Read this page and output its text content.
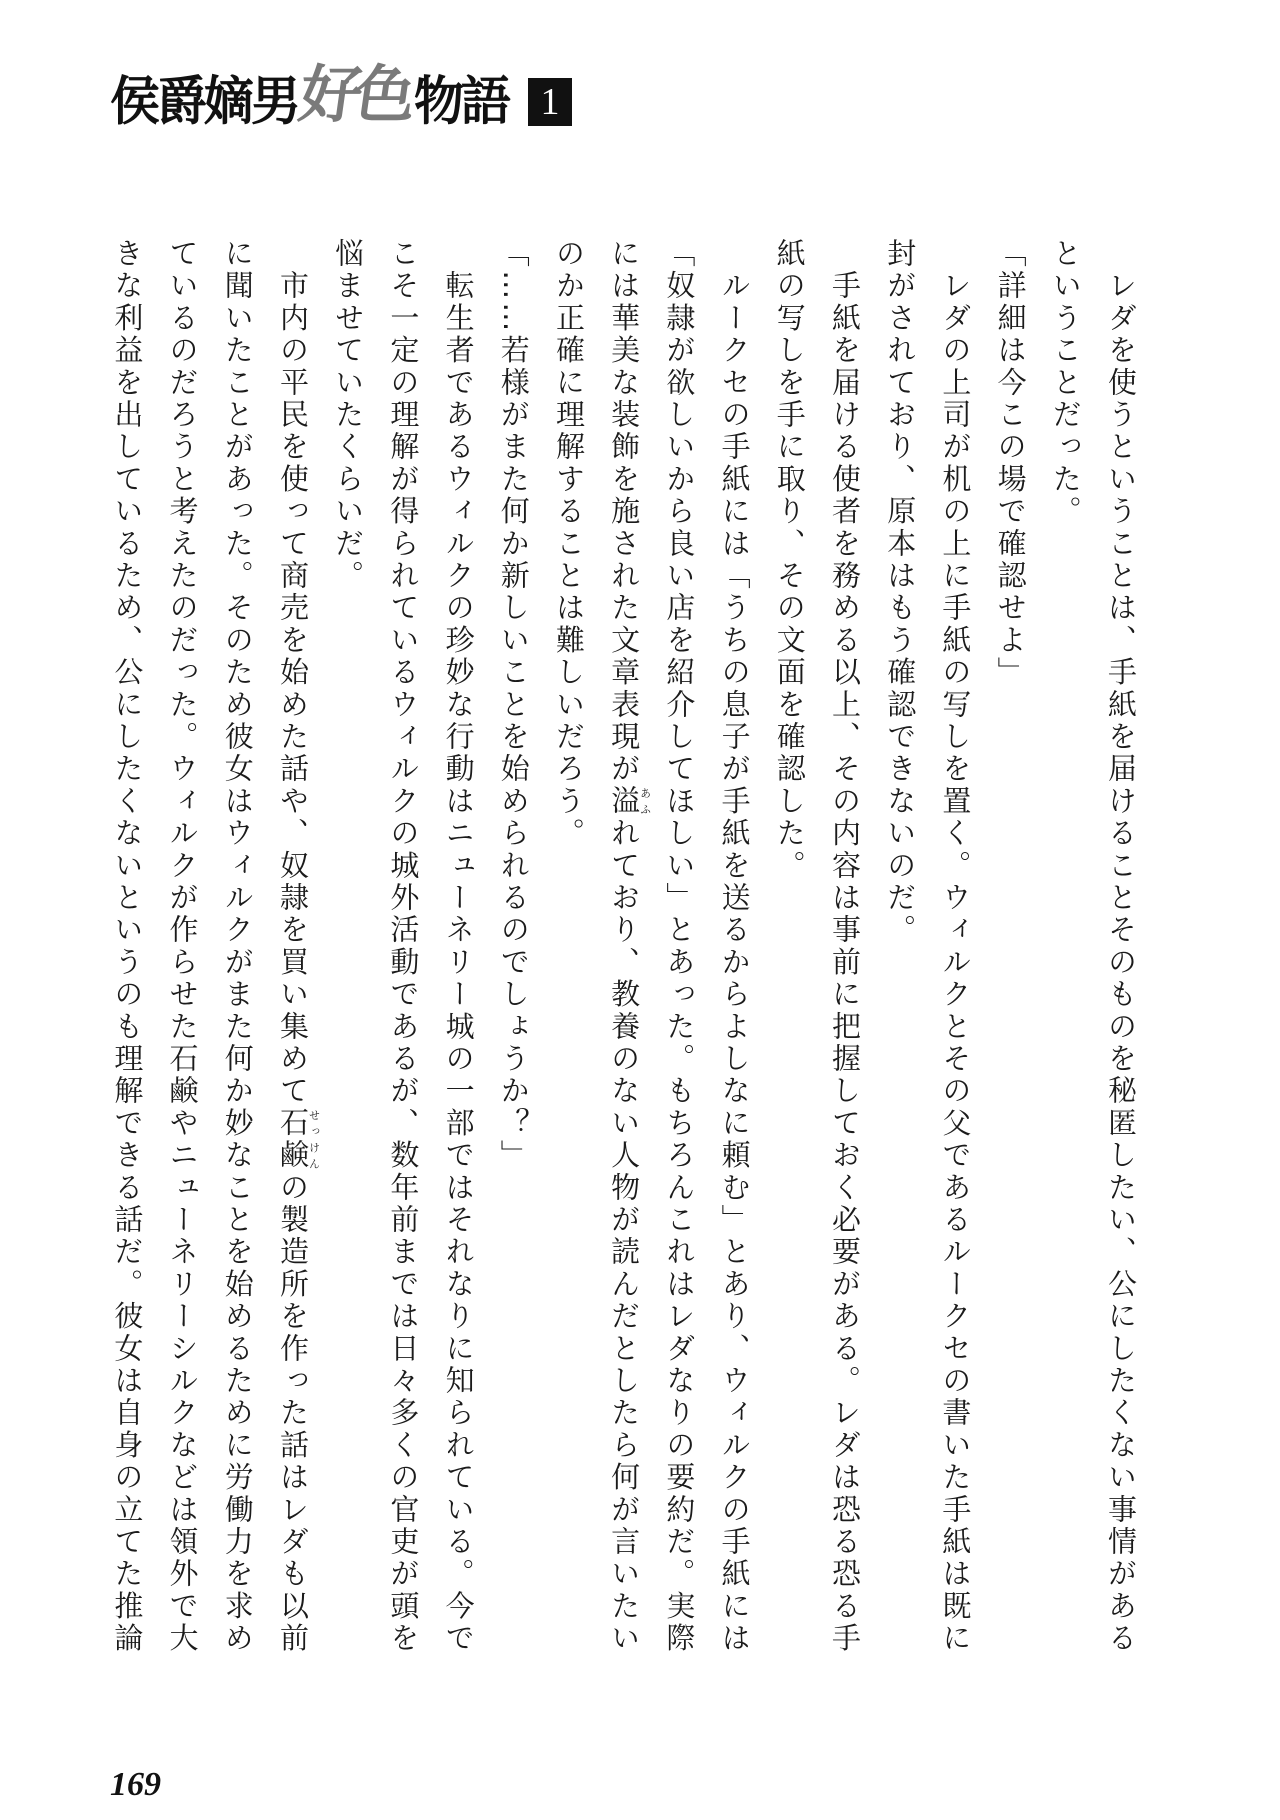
侯爵嫡男
好色 物語 1
　レダを使うということは、手紙を届けることそのものを秘匿したい、公にしたくない事情がある
ということだった。
「詳細は今この場で確認せよ」
　レダの上司が机の上に手紙の写しを置く。ウィルクとその父であるルークセの書いた手紙は既に
封がされており、原本はもう確認できないのだ。
　手紙を届ける使者を務める以上、その内容は事前に把握しておく必要がある。レダは恐る恐る手
紙の写しを手に取り、その文面を確認した。
　ルークセの手紙には「うちの息子が手紙を送るからよしなに頼む」とあり、ウィルクの手紙には
「奴隷が欲しいから良い店を紹介してほしい」とあった。もちろんこれはレダなりの要約だ。実際
には華美な装飾を施された文章表現が溢あふれており、教養のない人物が読んだとしたら何が言いたい
のか正確に理解することは難しいだろう。
「……若様がまた何か新しいことを始められるのでしょうか？」
　転生者であるウィルクの珍妙な行動はニューネリー城の一部ではそれなりに知られている。今で
こそ一定の理解が得られているウィルクの城外活動であるが、数年前までは日々多くの官吏が頭を
悩ませていたくらいだ。
　市内の平民を使って商売を始めた話や、奴隷を買い集めて石鹸せっけんの製造所を作った話はレダも以前
に聞いたことがあった。そのため彼女はウィルクがまた何か妙なことを始めるために労働力を求め
ているのだろうと考えたのだった。ウィルクが作らせた石鹸やニューネリーシルクなどは領外で大
きな利益を出しているため、公にしたくないというのも理解できる話だ。彼女は自身の立てた推論
169
